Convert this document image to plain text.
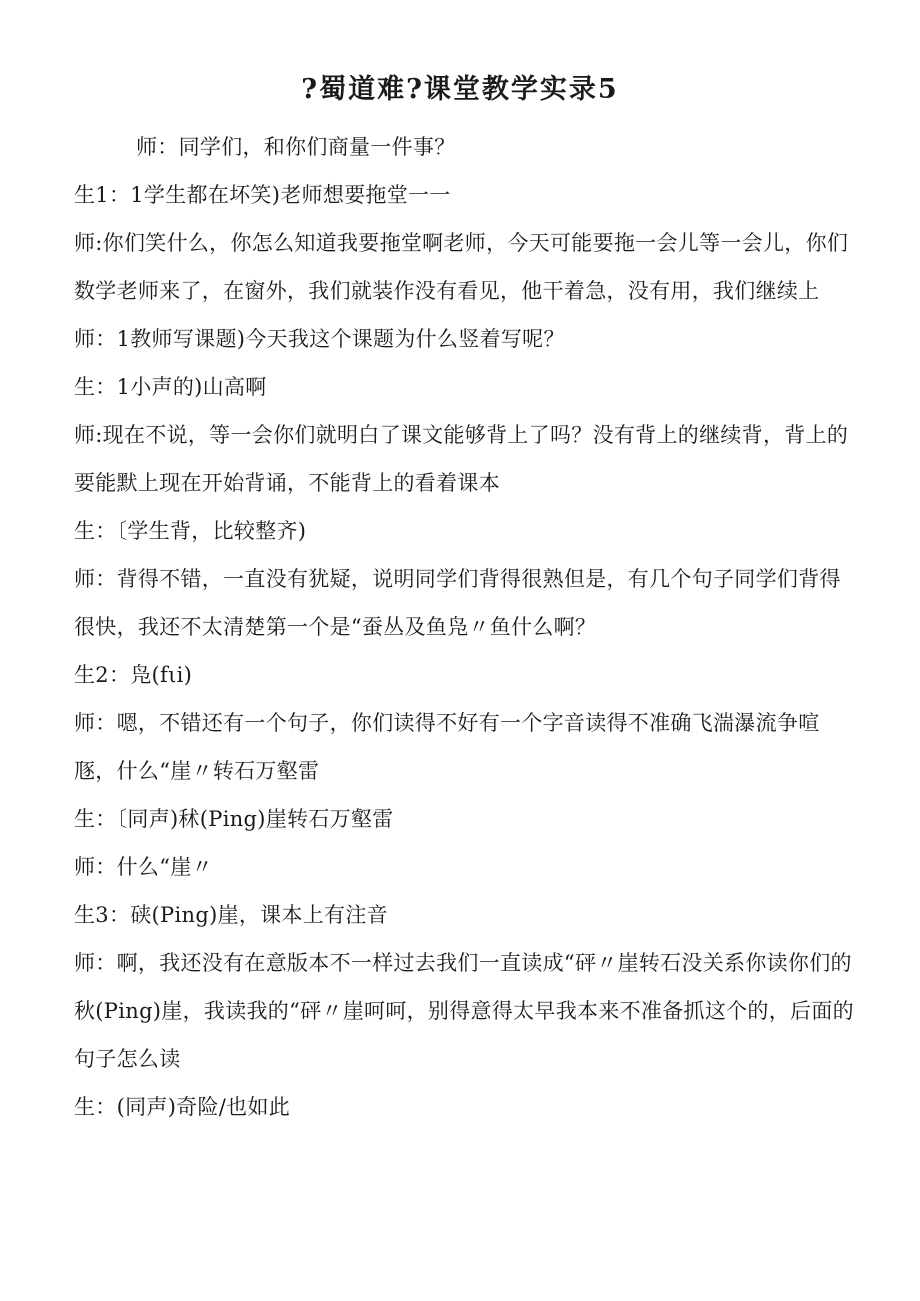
?蜀道难?课堂教学实录5

师：同学们，和你们商量一件事？

生1：1学生都在坏笑)老师想要拖堂一一

师:你们笑什么，你怎么知道我要拖堂啊老师，今天可能要拖一会儿等一会儿，你们数学老师来了，在窗外，我们就装作没有看见，他干着急，没有用，我们继续上

师：1教师写课题)今天我这个课题为什么竖着写呢？

生：1小声的)山高啊

师:现在不说，等一会你们就明白了课文能够背上了吗？没有背上的继续背，背上的要能默上现在开始背诵，不能背上的看着课本

生：〔学生背，比较整齐)

师：背得不错，一直没有犹疑，说明同学们背得很熟但是，有几个句子同学们背得很快，我还不太清楚第一个是“蚕丛及鱼凫〃鱼什么啊？

生2：凫(fιi)

师：嗯，不错还有一个句子，你们读得不好有一个字音读得不准确飞湍瀑流争喧豗，什么“崖〃转石万壑雷

生：〔同声)秫(Ping)崖转石万壑雷

师：什么“崖〃

生3：硖(Ping)崖，课本上有注音

师：啊，我还没有在意版本不一样过去我们一直读成“砰〃崖转石没关系你读你们的秋(Ping)崖，我读我的“砰〃崖呵呵，别得意得太早我本来不准备抓这个的，后面的句子怎么读

生：(同声)奇险/也如此
